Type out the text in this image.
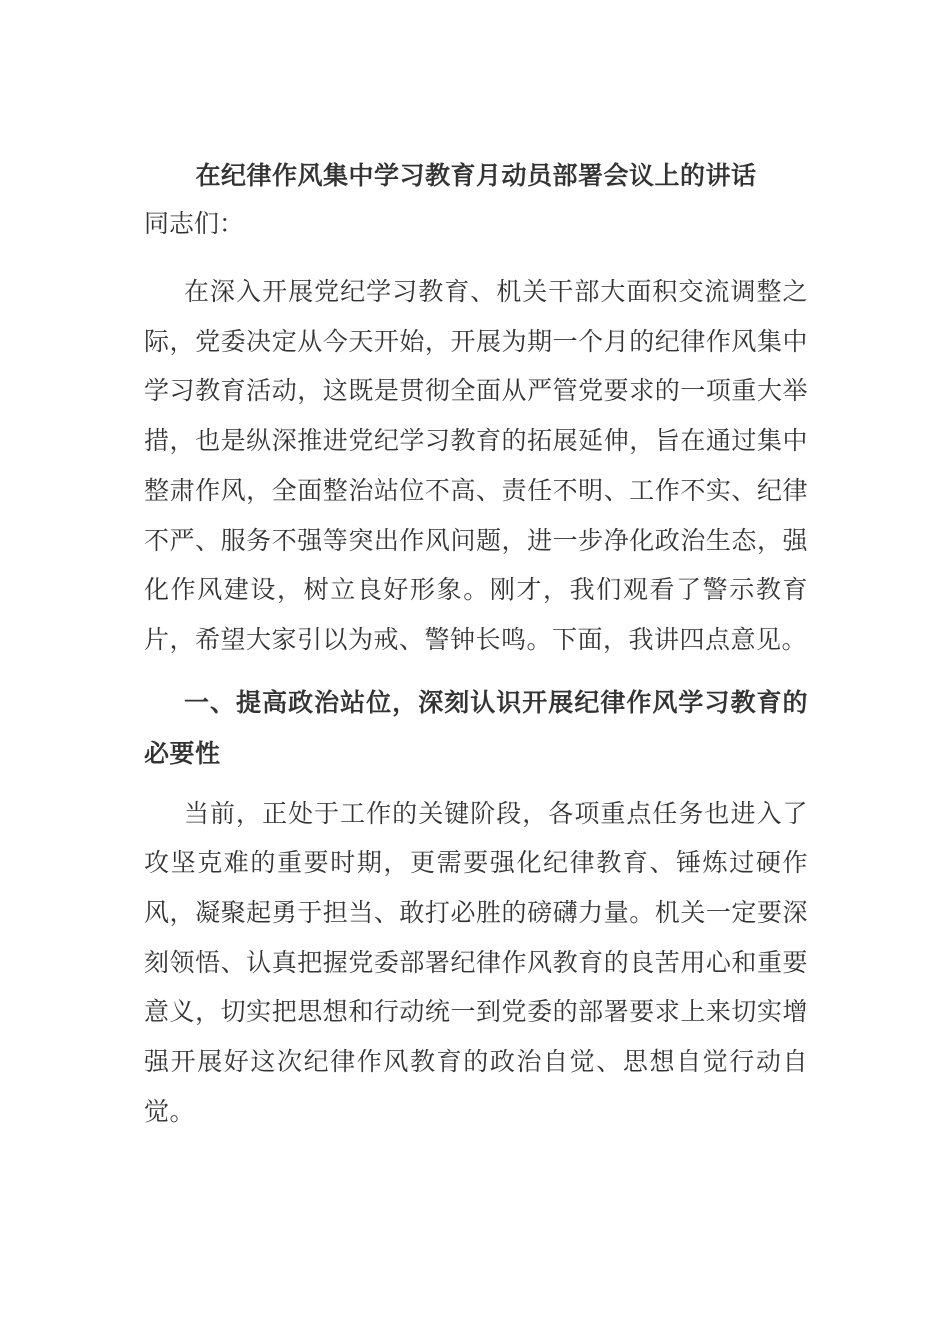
在纪律作风集中学习教育月动员部署会议上的讲话

同志们：

在深入开展党纪学习教育、机关干部大面积交流调整之际，党委决定从今天开始，开展为期一个月的纪律作风集中学习教育活动，这既是贯彻全面从严管党要求的一项重大举措，也是纵深推进党纪学习教育的拓展延伸，旨在通过集中整肃作风，全面整治站位不高、责任不明、工作不实、纪律不严、服务不强等突出作风问题，进一步净化政治生态，强化作风建设，树立良好形象。刚才，我们观看了警示教育片，希望大家引以为戒、警钟长鸣。下面，我讲四点意见。

一、提高政治站位，深刻认识开展纪律作风学习教育的必要性

当前，正处于工作的关键阶段，各项重点任务也进入了攻坚克难的重要时期，更需要强化纪律教育、锤炼过硬作风，凝聚起勇于担当、敢打必胜的磅礴力量。机关一定要深刻领悟、认真把握党委部署纪律作风教育的良苦用心和重要意义，切实把思想和行动统一到党委的部署要求上来切实增强开展好这次纪律作风教育的政治自觉、思想自觉行动自觉。
